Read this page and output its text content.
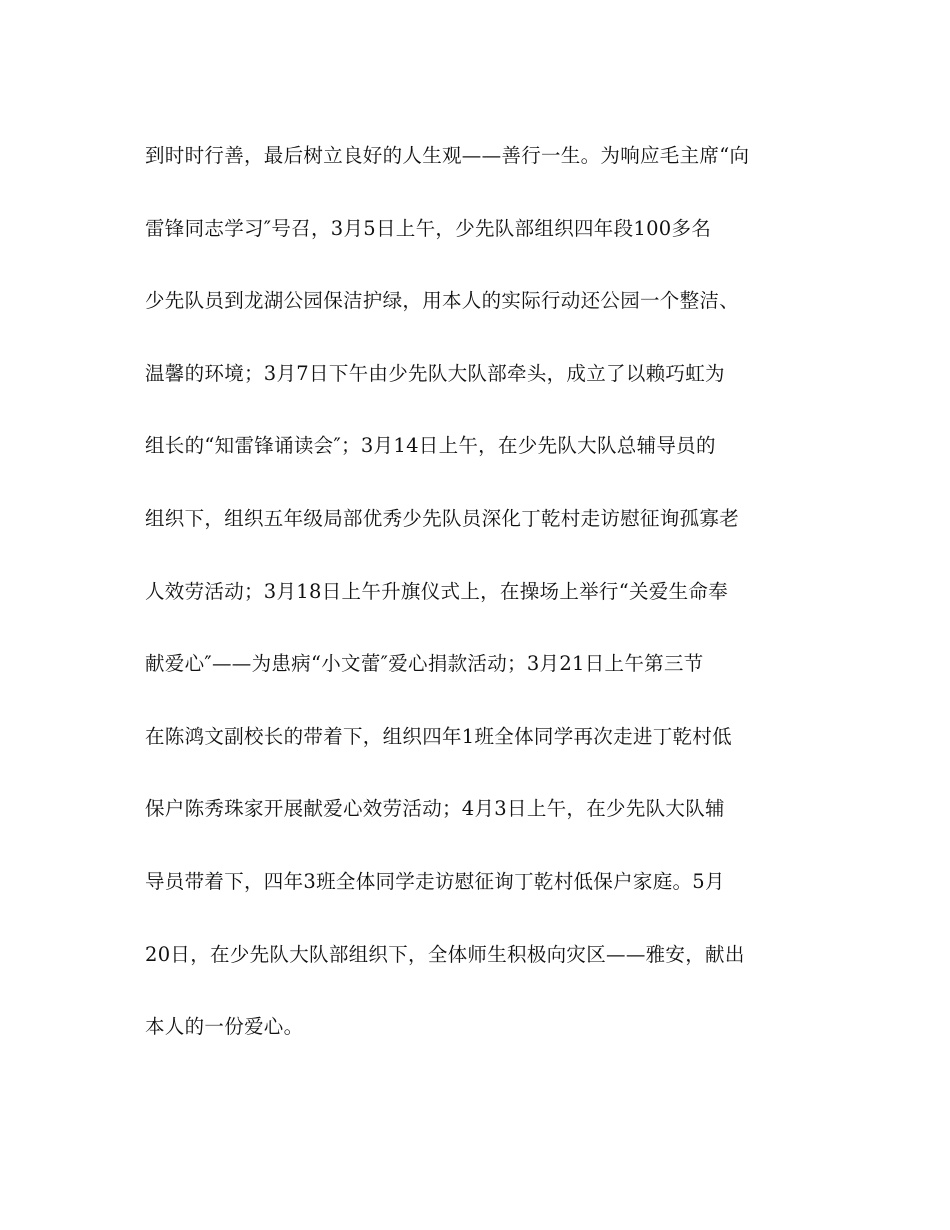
到时时行善，最后树立良好的人生观——善行一生。为响应毛主席“向
雷锋同志学习″号召，3月5日上午，少先队部组织四年段100多名
少先队员到龙湖公园保洁护绿，用本人的实际行动还公园一个整洁、
温馨的环境；3月7日下午由少先队大队部牵头，成立了以赖巧虹为
组长的“知雷锋诵读会″；3月14日上午，在少先队大队总辅导员的
组织下，组织五年级局部优秀少先队员深化丁乾村走访慰征询孤寡老
人效劳活动；3月18日上午升旗仪式上，在操场上举行“关爱生命奉
献爱心″——为患病“小文蕾″爱心捐款活动；3月21日上午第三节
在陈鸿文副校长的带着下，组织四年1班全体同学再次走进丁乾村低
保户陈秀珠家开展献爱心效劳活动；4月3日上午，在少先队大队辅
导员带着下，四年3班全体同学走访慰征询丁乾村低保户家庭。5月
20日，在少先队大队部组织下，全体师生积极向灾区——雅安，献出
本人的一份爱心。
